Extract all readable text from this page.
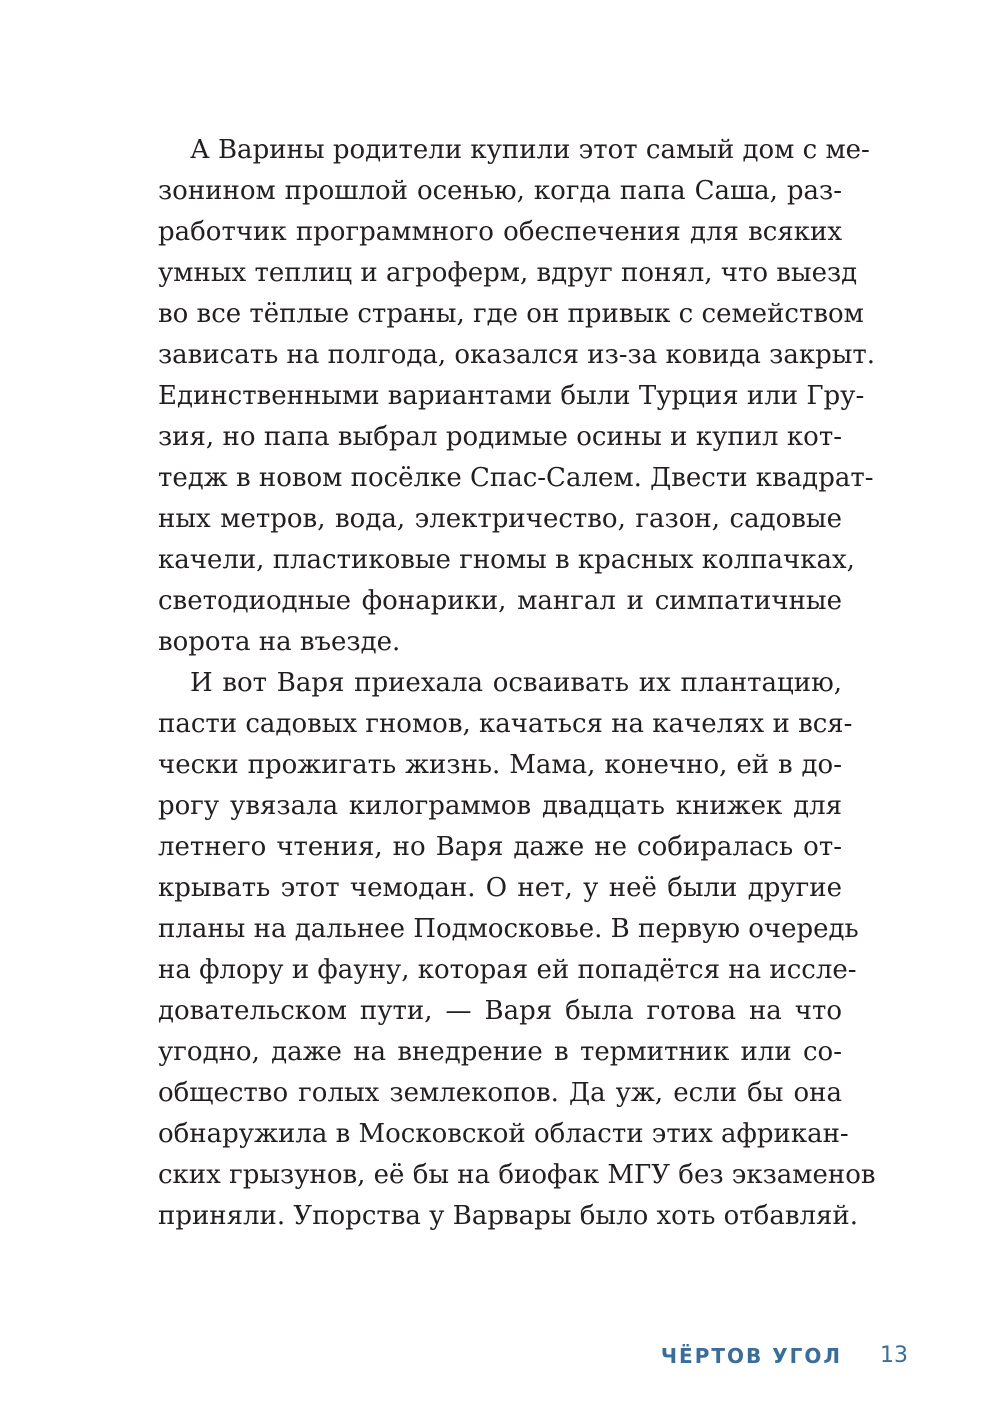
А Варины родители купили этот самый дом с ме-
зонином прошлой осенью, когда папа Саша, раз-
работчик программного обеспечения для всяких
умных теплиц и агроферм, вдруг понял, что выезд
во все тёплые страны, где он привык с семейством
зависать на полгода, оказался из-за ковида закрыт.
Единственными вариантами были Турция или Гру-
зия, но папа выбрал родимые осины и купил кот-
тедж в новом посёлке Спас-Салем. Двести квадрат-
ных метров, вода, электричество, газон, садовые
качели, пластиковые гномы в красных колпачках,
светодиодные фонарики, мангал и симпатичные
ворота на въезде.
И вот Варя приехала осваивать их плантацию,
пасти садовых гномов, качаться на качелях и вся-
чески прожигать жизнь. Мама, конечно, ей в до-
рогу увязала килограммов двадцать книжек для
летнего чтения, но Варя даже не собиралась от-
крывать этот чемодан. О нет, у неё были другие
планы на дальнее Подмосковье. В первую очередь
на флору и фауну, которая ей попадётся на иссле-
довательском пути, — Варя была готова на что
угодно, даже на внедрение в термитник или со-
общество голых землекопов. Да уж, если бы она
обнаружила в Московской области этих африкан-
ских грызунов, её бы на биофак МГУ без экзаменов
приняли. Упорства у Варвары было хоть отбавляй.
ЧЁРТОВ УГОЛ 13
